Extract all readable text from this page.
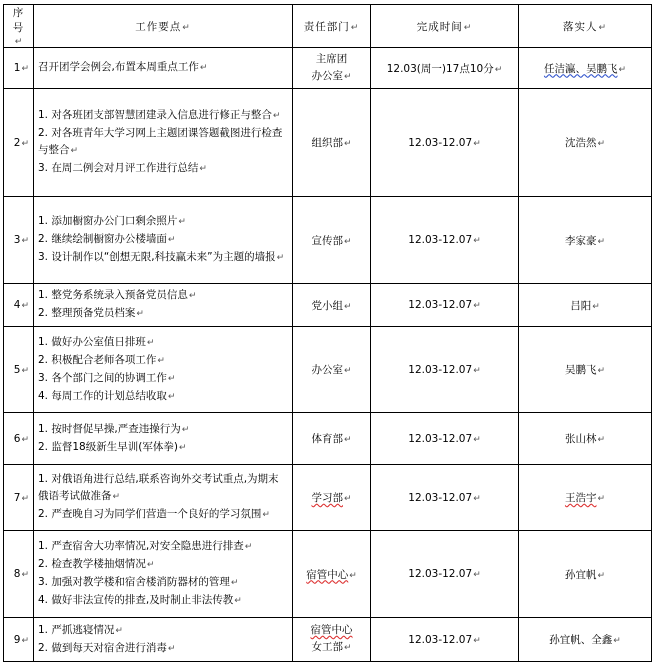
序号↵	工作要点↵	责任部门↵	完成时间↵	落实人↵
1↵	召开团学会例会,布置本周重点工作↵	主席团
办公室↵	12.03(周一)17点10分↵	任洁瀛、吴鹏飞↵
2↵	1. 对各班团支部智慧团建录入信息进行修正与整合↵
2. 对各班青年大学习网上主题团课答题截图进行检查与整合↵
3. 在周二例会对月评工作进行总结↵	组织部↵	12.03-12.07↵	沈浩然↵
3↵	1. 添加橱窗办公门口剩余照片↵
2. 继续绘制橱窗办公楼墙面↵
3. 设计制作以“创想无限,科技赢未来”为主题的墙报↵	宣传部↵	12.03-12.07↵	李家豪↵
4↵	1. 整党务系统录入预备党员信息↵
2. 整理预备党员档案↵	党小组↵	12.03-12.07↵	吕阳↵
5↵	1. 做好办公室值日排班↵
2. 积极配合老师各项工作↵
3. 各个部门之间的协调工作↵
4. 每周工作的计划总结收取↵	办公室↵	12.03-12.07↵	吴鹏飞↵
6↵	1. 按时督促早操,严查违操行为↵
2. 监督18级新生早训(军体拳)↵	体育部↵	12.03-12.07↵	张山林↵
7↵	1. 对俄语角进行总结,联系咨询外交考试重点,为期末俄语考试做准备↵
2. 严查晚自习为同学们营造一个良好的学习氛围↵	学习部↵	12.03-12.07↵	王浩宇↵
8↵	1. 严查宿舍大功率情况,对安全隐患进行排查↵
2. 检查教学楼抽烟情况↵
3. 加强对教学楼和宿舍楼消防器材的管理↵
4. 做好非法宣传的排查,及时制止非法传教↵	宿管中心↵	12.03-12.07↵	孙宜帆↵
9↵	1. 严抓逃寝情况↵
2. 做到每天对宿舍进行消毒↵	宿管中心
女工部↵	12.03-12.07↵	孙宜帆、全鑫↵
